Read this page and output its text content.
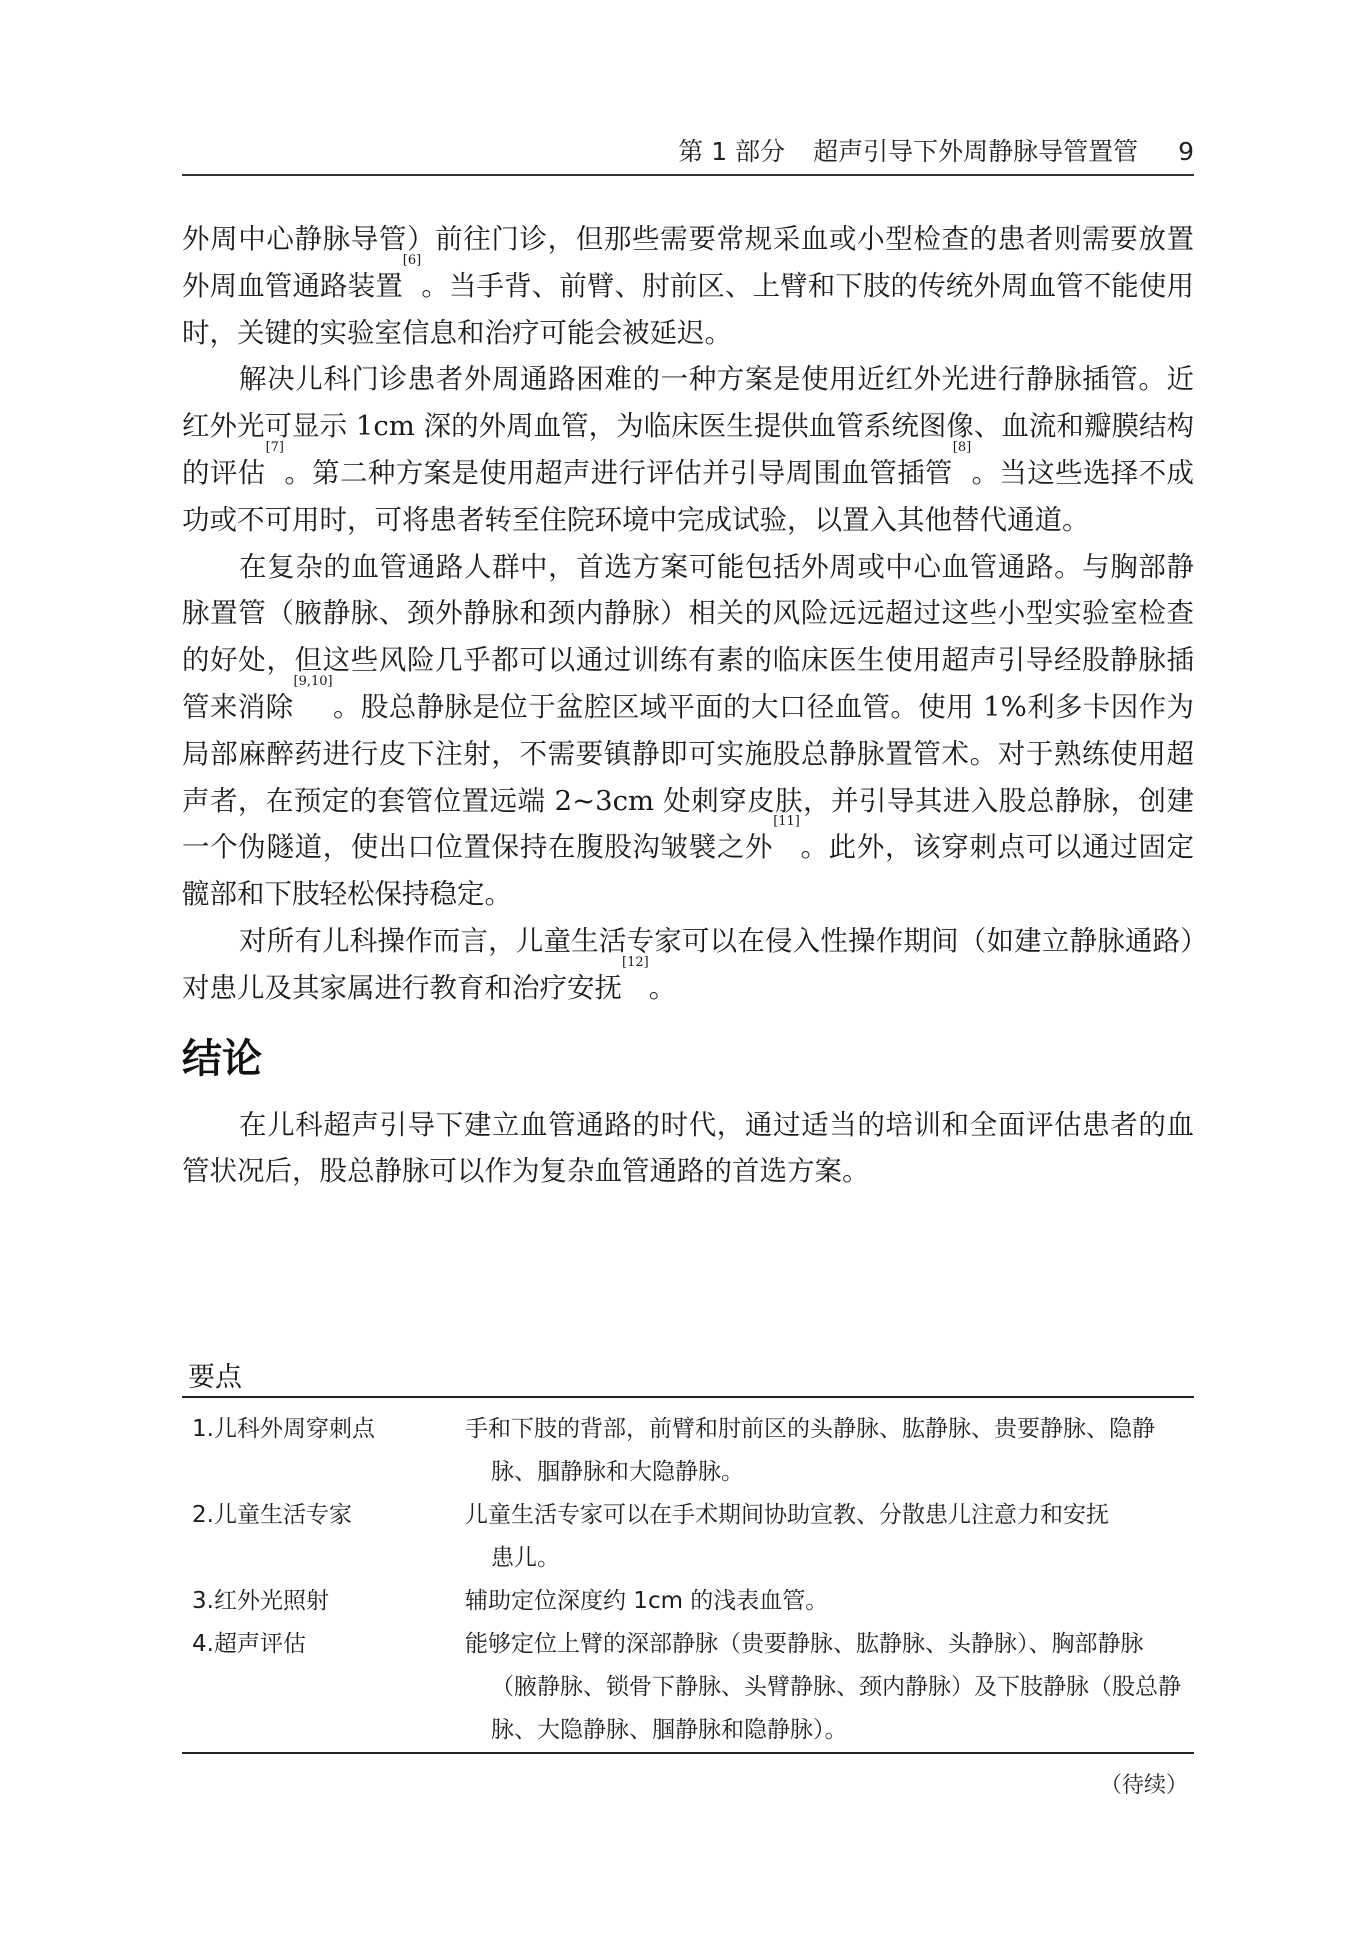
第 1 部分 超声引导下外周静脉导管置管 9

外周中心静脉导管）前往门诊，但那些需要常规采血或小型检查的患者则需要放置外周血管通路装置[6]。当手背、前臂、肘前区、上臂和下肢的传统外周血管不能使用时，关键的实验室信息和治疗可能会被延迟。

解决儿科门诊患者外周通路困难的一种方案是使用近红外光进行静脉插管。近红外光可显示 1cm 深的外周血管，为临床医生提供血管系统图像、血流和瓣膜结构的评估[7]。第二种方案是使用超声进行评估并引导周围血管插管[8]。当这些选择不成功或不可用时，可将患者转至住院环境中完成试验，以置入其他替代通道。

在复杂的血管通路人群中，首选方案可能包括外周或中心血管通路。与胸部静脉置管（腋静脉、颈外静脉和颈内静脉）相关的风险远远超过这些小型实验室检查的好处，但这些风险几乎都可以通过训练有素的临床医生使用超声引导经股静脉插管来消除[9,10]。股总静脉是位于盆腔区域平面的大口径血管。使用 1%利多卡因作为局部麻醉药进行皮下注射，不需要镇静即可实施股总静脉置管术。对于熟练使用超声者，在预定的套管位置远端 2~3cm 处刺穿皮肤，并引导其进入股总静脉，创建一个伪隧道，使出口位置保持在腹股沟皱襞之外[11]。此外，该穿刺点可以通过固定髋部和下肢轻松保持稳定。

对所有儿科操作而言，儿童生活专家可以在侵入性操作期间（如建立静脉通路）对患儿及其家属进行教育和治疗安抚[12]。

结论

在儿科超声引导下建立血管通路的时代，通过适当的培训和全面评估患者的血管状况后，股总静脉可以作为复杂血管通路的首选方案。

要点
1.儿科外周穿刺点	手和下肢的背部，前臂和肘前区的头静脉、肱静脉、贵要静脉、隐静
脉、腘静脉和大隐静脉。
2.儿童生活专家	儿童生活专家可以在手术期间协助宣教、分散患儿注意力和安抚
患儿。
3.红外光照射	辅助定位深度约 1cm 的浅表血管。
4.超声评估	能够定位上臂的深部静脉（贵要静脉、肱静脉、头静脉）、胸部静脉
（腋静脉、锁骨下静脉、头臂静脉、颈内静脉）及下肢静脉（股总静
脉、大隐静脉、腘静脉和隐静脉）。
（待续）
